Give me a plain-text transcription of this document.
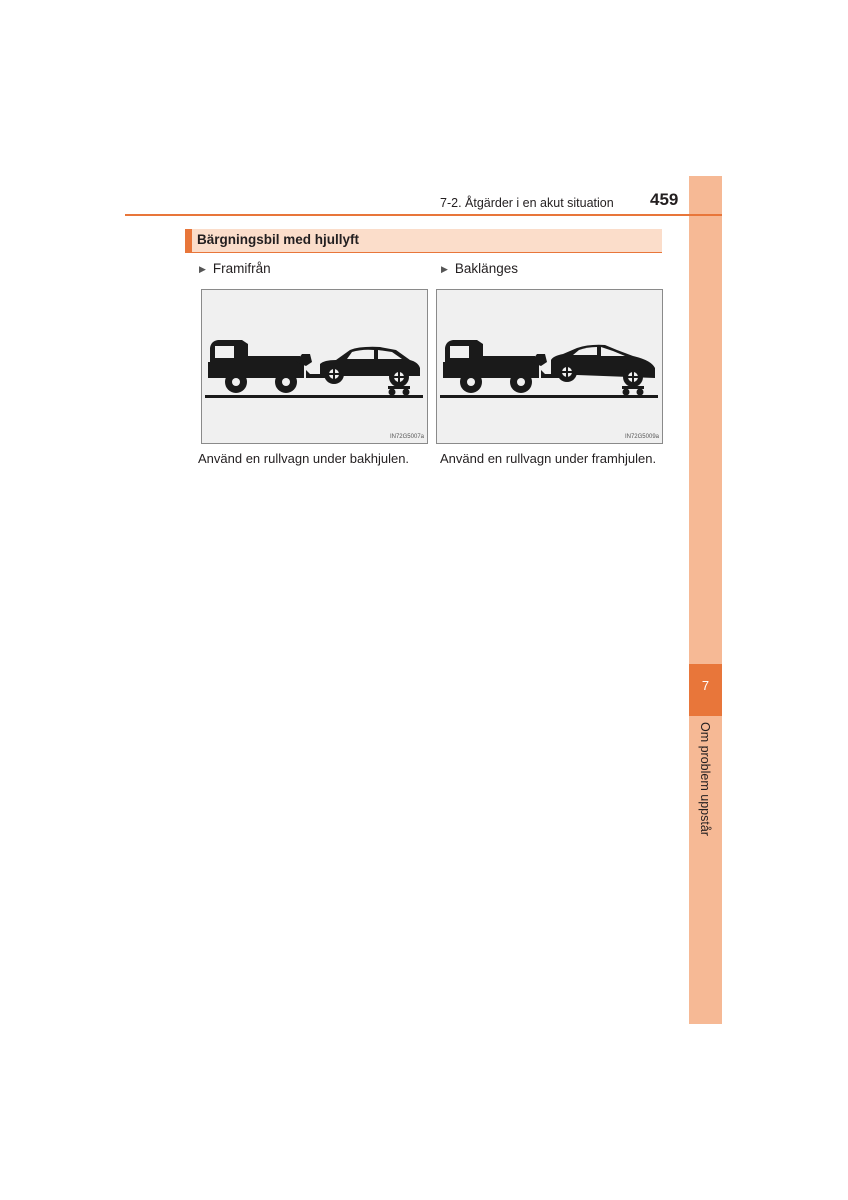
7
Om problem uppstår
7-2. Åtgärder i en akut situation 459
Bärgningsbil med hjullyft
▶ Framifrån	▶ Baklänges
IN72G5007a	IN72G5009a
Använd en rullvagn under bakhjulen. Använd en rullvagn under framhjulen.
